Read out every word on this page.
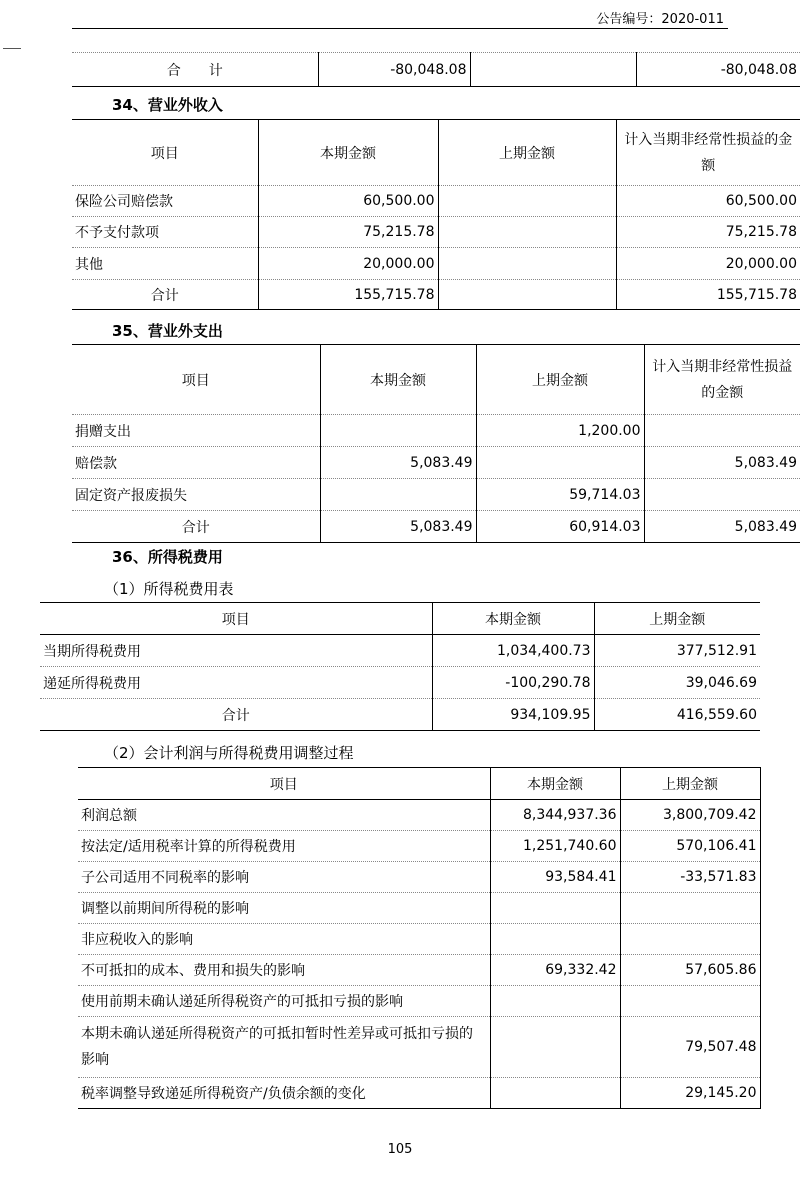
公告编号：2020-011
合　　计	-80,048.08		-80,048.08
34、营业外收入
项目	本期金额	上期金额	计入当期非经常性损益的金额
保险公司赔偿款	60,500.00		60,500.00
不予支付款项	75,215.78		75,215.78
其他	20,000.00		20,000.00
合计	155,715.78		155,715.78
35、营业外支出
项目	本期金额	上期金额	计入当期非经常性损益的金额
捐赠支出		1,200.00	
赔偿款	5,083.49		5,083.49
固定资产报废损失		59,714.03	
合计	5,083.49	60,914.03	5,083.49
36、所得税费用
（1）所得税费用表
项目	本期金额	上期金额
当期所得税费用	1,034,400.73	377,512.91
递延所得税费用	-100,290.78	39,046.69
合计	934,109.95	416,559.60
（2）会计利润与所得税费用调整过程
项目	本期金额	上期金额
利润总额	8,344,937.36	3,800,709.42
按法定/适用税率计算的所得税费用	1,251,740.60	570,106.41
子公司适用不同税率的影响	93,584.41	-33,571.83
调整以前期间所得税的影响		
非应税收入的影响		
不可抵扣的成本、费用和损失的影响	69,332.42	57,605.86
使用前期未确认递延所得税资产的可抵扣亏损的影响		
本期未确认递延所得税资产的可抵扣暂时性差异或可抵扣亏损的影响		79,507.48
税率调整导致递延所得税资产/负债余额的变化		29,145.20
105
